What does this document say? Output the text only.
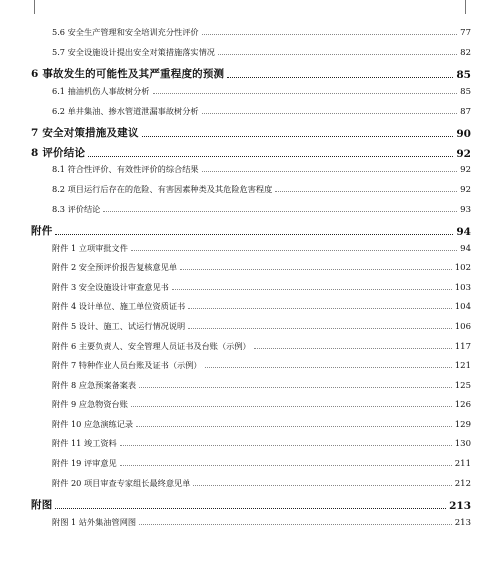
5.6 安全生产管理和安全培训充分性评价	77
5.7 安全设施设计提出安全对策措施落实情况	82
6 事故发生的可能性及其严重程度的预测	85
6.1 抽油机伤人事故树分析	85
6.2 单井集油、掺水管道泄漏事故树分析	87
7 安全对策措施及建议	90
8 评价结论	92
8.1 符合性评价、有效性评价的综合结果	92
8.2 项目运行后存在的危险、有害因素种类及其危险危害程度	92
8.3 评价结论	93
附件	94
附件 1 立项审批文件	94
附件 2 安全预评价报告复核意见单	102
附件 3 安全设施设计审查意见书	103
附件 4 设计单位、施工单位资质证书	104
附件 5 设计、施工、试运行情况说明	106
附件 6 主要负责人、安全管理人员证书及台账（示例）	117
附件 7 特种作业人员台账及证书（示例）	121
附件 8 应急预案备案表	125
附件 9 应急物资台账	126
附件 10 应急演练记录	129
附件 11 竣工资料	130
附件 19 评审意见	211
附件 20 项目审查专家组长最终意见单	212
附图	213
附图 1 站外集油管网图	213
